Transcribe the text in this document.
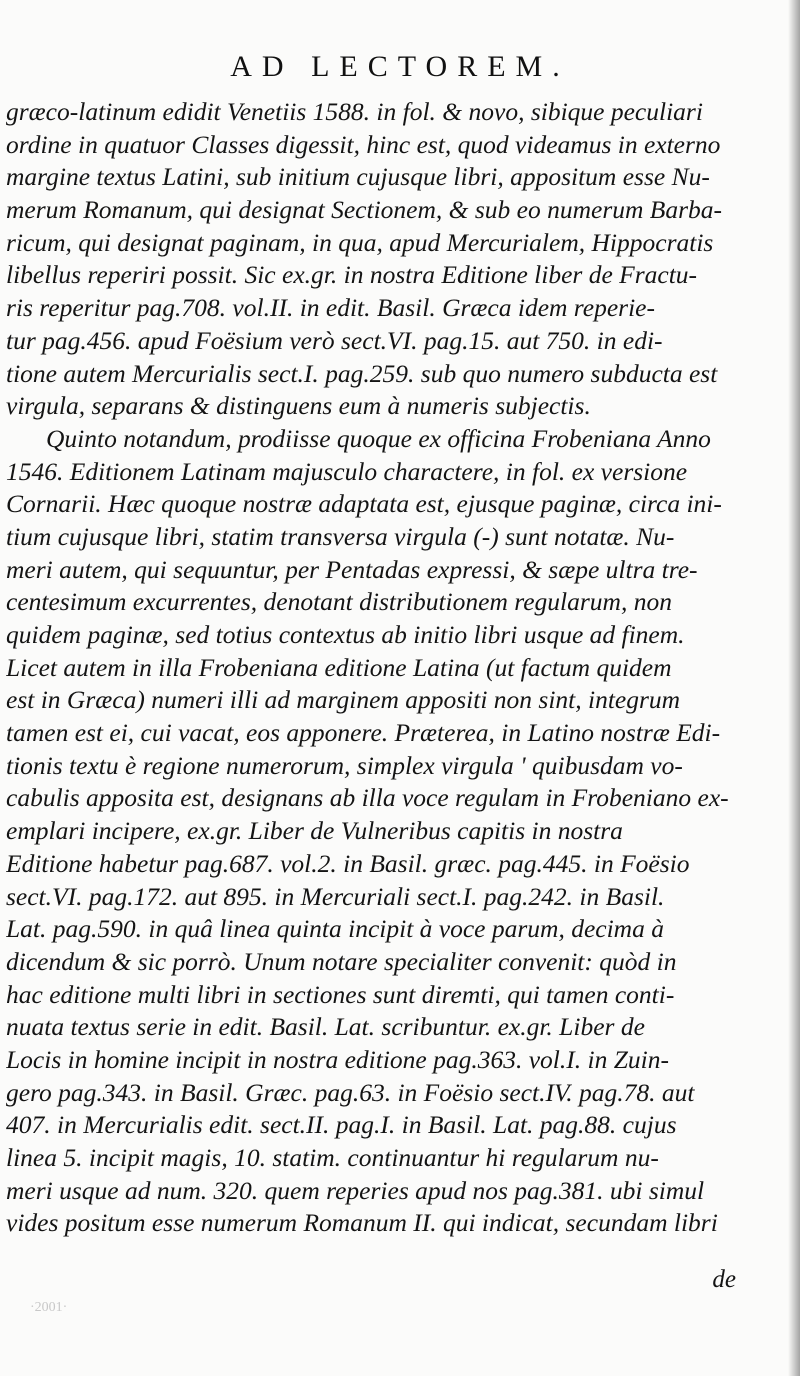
AD LECTOREM.
græco-latinum edidit Venetiis 1588. in fol. & novo, sibique peculiari
ordine in quatuor Classes digessit, hinc est, quod videamus in externo
margine textus Latini, sub initium cujusque libri, appositum esse Nu-
merum Romanum, qui designat Sectionem, & sub eo numerum Barba-
ricum, qui designat paginam, in qua, apud Mercurialem, Hippocratis
libellus reperiri possit. Sic ex.gr. in nostra Editione liber de Fractu-
ris reperitur pag.708. vol.II. in edit. Basil. Græca idem reperie-
tur pag.456. apud Foësium verò sect.VI. pag.15. aut 750. in edi-
tione autem Mercurialis sect.I. pag.259. sub quo numero subducta est
virgula, separans & distinguens eum à numeris subjectis.
Quinto notandum, prodiisse quoque ex officina Frobeniana Anno
1546. Editionem Latinam majusculo charactere, in fol. ex versione
Cornarii. Hæc quoque nostræ adaptata est, ejusque paginæ, circa ini-
tium cujusque libri, statim transversa virgula (-) sunt notatæ. Nu-
meri autem, qui sequuntur, per Pentadas expressi, & sæpe ultra tre-
centesimum excurrentes, denotant distributionem regularum, non
quidem paginæ, sed totius contextus ab initio libri usque ad finem.
Licet autem in illa Frobeniana editione Latina (ut factum quidem
est in Græca) numeri illi ad marginem appositi non sint, integrum
tamen est ei, cui vacat, eos apponere. Præterea, in Latino nostræ Edi-
tionis textu è regione numerorum, simplex virgula ' quibusdam vo-
cabulis apposita est, designans ab illa voce regulam in Frobeniano ex-
emplari incipere, ex.gr. Liber de Vulneribus capitis in nostra
Editione habetur pag.687. vol.2. in Basil. græc. pag.445. in Foësio
sect.VI. pag.172. aut 895. in Mercuriali sect.I. pag.242. in Basil.
Lat. pag.590. in quâ linea quinta incipit à voce parum, decima à
dicendum & sic porrò. Unum notare specialiter convenit: quòd in
hac editione multi libri in sectiones sunt diremti, qui tamen conti-
nuata textus serie in edit. Basil. Lat. scribuntur. ex.gr. Liber de
Locis in homine incipit in nostra editione pag.363. vol.I. in Zuin-
gero pag.343. in Basil. Græc. pag.63. in Foësio sect.IV. pag.78. aut
407. in Mercurialis edit. sect.II. pag.I. in Basil. Lat. pag.88. cujus
linea 5. incipit magis, 10. statim. continuantur hi regularum nu-
meri usque ad num. 320. quem reperies apud nos pag.381. ubi simul
vides positum esse numerum Romanum II. qui indicat, secundam libri
de
·2001·
